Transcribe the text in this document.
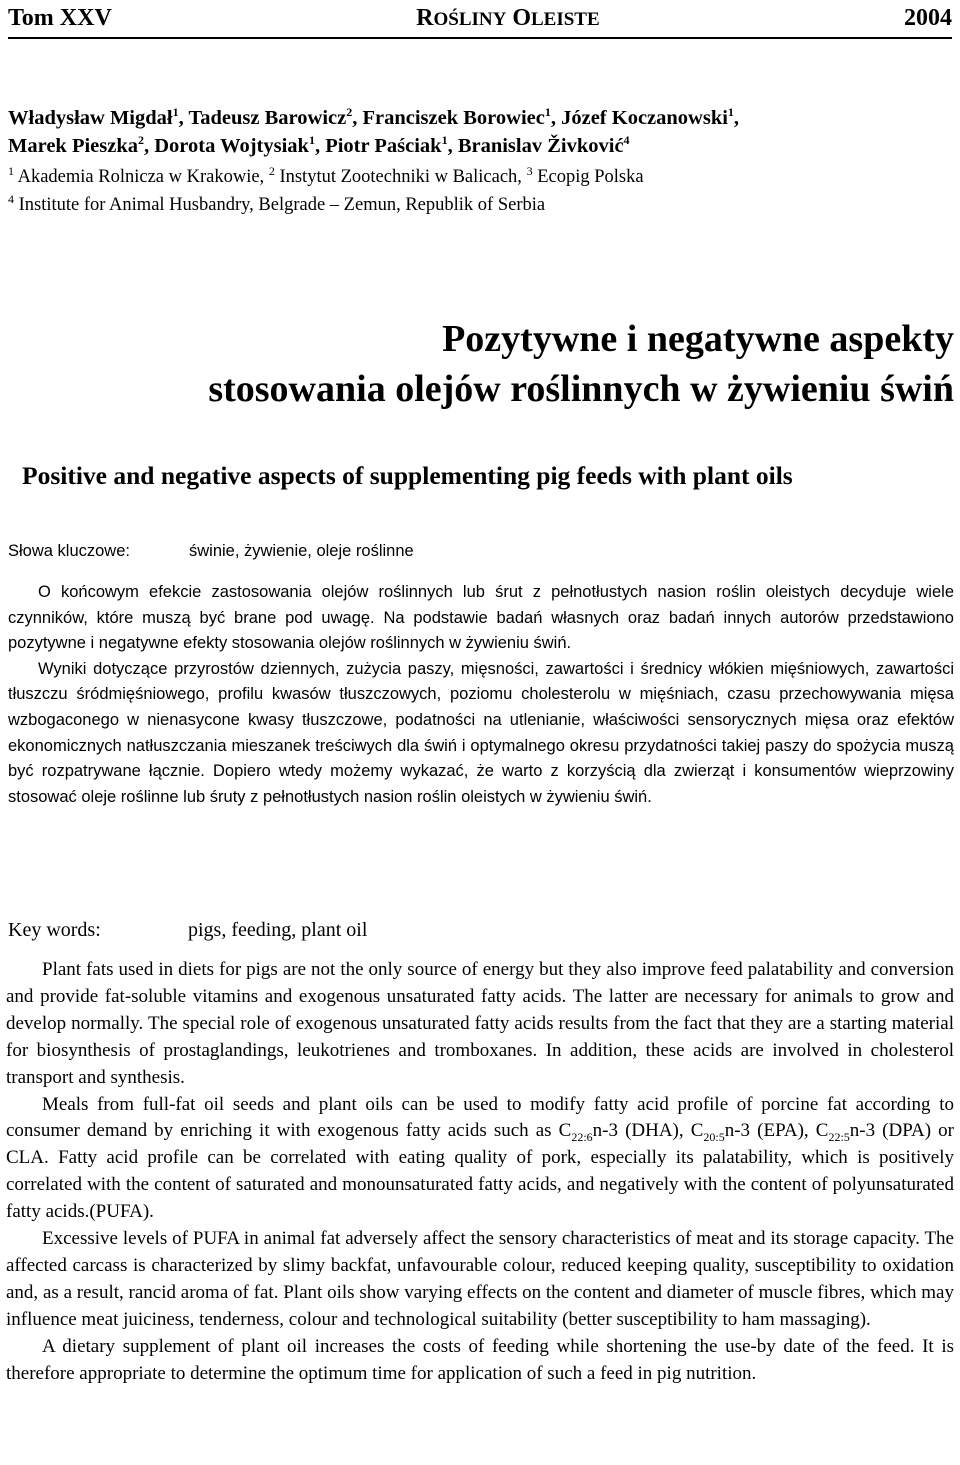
Tom XXV	ROŚLINY OLEISTE	2004
Władysław Migdał$^1$, Tadeusz Barowicz$^2$, Franciszek Borowiec$^1$, Józef Koczanowski$^1$,
Marek Pieszka$^2$, Dorota Wojtysiak$^1$, Piotr Paściak$^1$, Branislav Živković$^4$
$^1$ Akademia Rolnicza w Krakowie, $^2$ Instytut Zootechniki w Balicach, $^3$ Ecopig Polska
$^4$ Institute for Animal Husbandry, Belgrade – Zemun, Republik of Serbia
Pozytywne i negatywne aspekty
stosowania olejów roślinnych w żywieniu świń
Positive and negative aspects of supplementing pig feeds with plant oils
Słowa kluczowe:	świnie, żywienie, oleje roślinne

O końcowym efekcie zastosowania olejów roślinnych lub śrut z pełnotłustych nasion roślin oleistych decyduje wiele czynników, które muszą być brane pod uwagę. Na podstawie badań własnych oraz badań innych autorów przedstawiono pozytywne i negatywne efekty stosowania olejów roślinnych w żywieniu świń.

Wyniki dotyczące przyrostów dziennych, zużycia paszy, mięsności, zawartości i średnicy włókien mięśniowych, zawartości tłuszczu śródmięśniowego, profilu kwasów tłuszczowych, poziomu cholesterolu w mięśniach, czasu przechowywania mięsa wzbogaconego w nienasycone kwasy tłuszczowe, podatności na utlenianie, właściwości sensorycznych mięsa oraz efektów ekonomicznych natłuszczania mieszanek treściwych dla świń i optymalnego okresu przydatności takiej paszy do spożycia muszą być rozpatrywane łącznie. Dopiero wtedy możemy wykazać, że warto z korzyścią dla zwierząt i konsumentów wieprzowiny stosować oleje roślinne lub śruty z pełnotłustych nasion roślin oleistych w żywieniu świń.

Key words:	pigs, feeding, plant oil

Plant fats used in diets for pigs are not the only source of energy but they also improve feed palatability and conversion and provide fat-soluble vitamins and exogenous unsaturated fatty acids. The latter are necessary for animals to grow and develop normally. The special role of exogenous unsaturated fatty acids results from the fact that they are a starting material for biosynthesis of prostaglandings, leukotrienes and tromboxanes. In addition, these acids are involved in cholesterol transport and synthesis.

Meals from full-fat oil seeds and plant oils can be used to modify fatty acid profile of porcine fat according to consumer demand by enriching it with exogenous fatty acids such as $C_{22:6}n-3$ (DHA), $C_{20:5}n-3$ (EPA), $C_{22:5}n-3$ (DPA) or CLA. Fatty acid profile can be correlated with eating quality of pork, especially its palatability, which is positively correlated with the content of saturated and monounsaturated fatty acids, and negatively with the content of polyunsaturated fatty acids.(PUFA).

Excessive levels of PUFA in animal fat adversely affect the sensory characteristics of meat and its storage capacity. The affected carcass is characterized by slimy backfat, unfavourable colour, reduced keeping quality, susceptibility to oxidation and, as a result, rancid aroma of fat. Plant oils show varying effects on the content and diameter of muscle fibres, which may influence meat juiciness, tenderness, colour and technological suitability (better susceptibility to ham massaging).

A dietary supplement of plant oil increases the costs of feeding while shortening the use-by date of the feed. It is therefore appropriate to determine the optimum time for application of such a feed in pig nutrition.
